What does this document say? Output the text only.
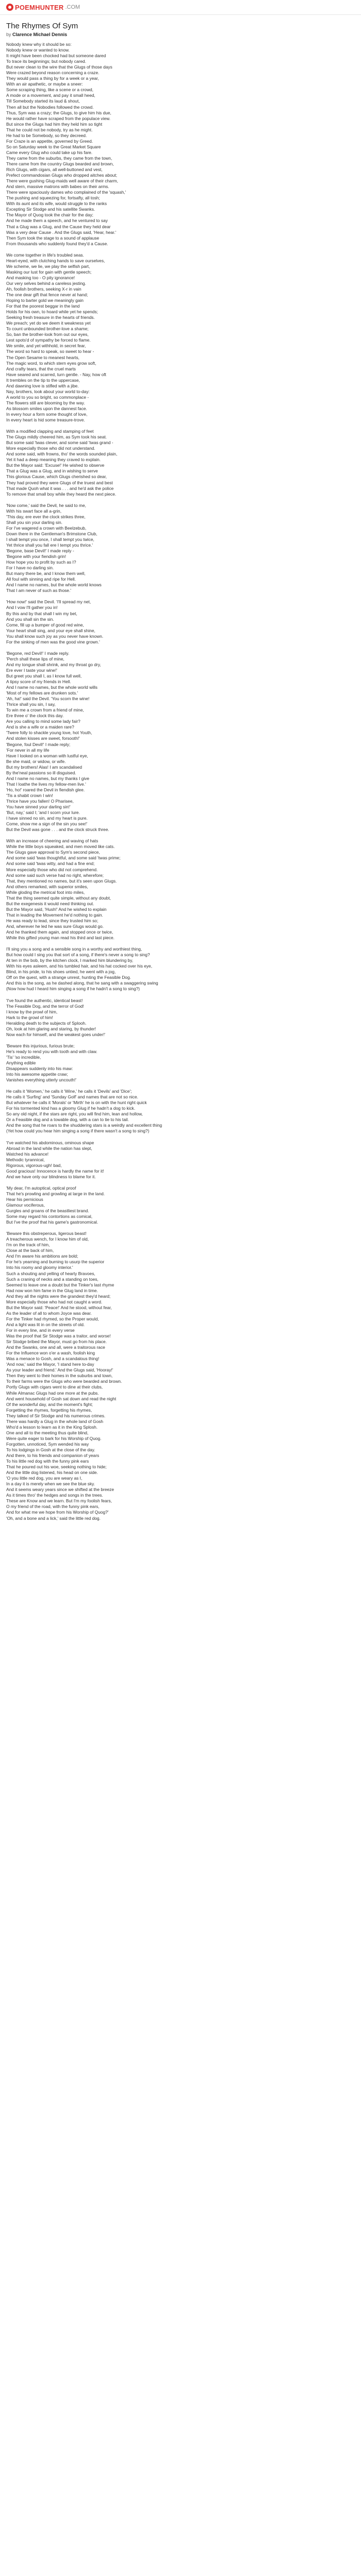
POEMHUNTER .COM
The Rhymes Of Sym
by Clarence Michael Dennis
Nobody knew why it should be so:
Nobody knew or wanted to know.
It might have been chocked had but someone dared
To trace its beginnings; but nobody cared.
But never clean to the wire that the Glugs of those days
Were crazed beyond reason concerning a craze.
They would pass a thing by for a week or a year,
With an air apathetic, or maybe a sneer:
Some scraping thing, like a scene or a crowd,
A mode or a movement, and pay it small heed,
Till Somebody started its laud & shout,
Then all but the Nobodies followed the crowd.
Thus, Sym was a crazy; the Glugs, to give him his due,
He would rather have scraped from the populace view.
But since the Glugs had him they held him so tight
That he could not be nobody, try as he might.
He had to be Somebody, so they decreed.
For Craze is an appetite, governed by Greed.
So on Saturday week to the Great Market Square
Came every Glug who could take up his fare.
They came from the suburbs, they came from the town,
There came from the country Glugs bearded and brown,
Rich Glugs, with cigars, all well-buttoned and vest,
Prefect commandosian Glugs who dropped aitches about;
There were gushing Glug-maids well aware of their charm,
And stern, massive matrons with babes on their arms.
There were spaciously dames who complained of the 'squash,'
The pushing and squeezing for, fortsafty, all tosh;
With its aunt and its wife, would struggle to the ranks
Excepting Sir Stodge and his satellite Swanks.
The Mayor of Quog took the chair for the day;
And he made them a speech, and he ventured to say
That a Glug was a Glug, and the Cause they held dear
Was a very dear Cause . And the Glugs said, 'Hear, hear.'
Then Sym took the stage to a sound of applause
From thousands who suddenly found they'd a Cause.
We come together in life's troubled seas.
Heart-eyed, with clutching hands to save ourselves,
We scheme, we lie, we play the selfish part,
Masking our lust for gain with gentle speech;
And masking too - O pity ignorance!
Our very selves behind a careless jesting.
Ah, foolish brothers, seeking X-r in vain
The one dear gift that fence never at hand;
Hoping to barter gold we meaningly gain
For that the poorest beggar in the land
Holds for his own, to hoard while yet he spends;
Seeking fresh treasure in the hearts of friends.
We preach; yet do we deem it weakness yet
To count unbounded brother-love a shame;
So, ban the brother-look from out our eyes,
Lest spots'd of sympathy be forced to flame.
We smile, and yet withhold, in secret fear,
The word so hard to speak, so sweet to hear -
The Open Sesame to meanest hearts,
The magic word, to which stern eyes grow soft,
And crafty tears, that the cruel marts
Have seared and scarred, turn gentle. - Nay, how oft
It trembles on the tip to the uppercase,
And dawning love is stifled with a jibe.
Nay, brothers, look about your world to-day:
A world to you so bright, so commonplace -
The flowers still are blooming by the way.
As blossom smiles upon the dannest face.
In every hour a form some thought of love,
In every heart is hid some treasure-trove.
With a modified clapping and stamping of feet
The Glugs mildly cheered him, as Sym took his seat.
But some said 'twas clever, and some said 'twas grand -
More especially those who did not understand.
And some said, with frowns, tho' the words sounded plain,
Yet it had a deep meaning they craved to explain.
But the Mayor said: 'Excuse!' He wished to observe
That a Glug was a Glug, and in wishing to serve
This glorious Cause, which Glugs cherished so dear,
They had proved they were Glugs of the truest and best
That made Quoh what it was . . . and he'd ask the police
To remove that small boy while they heard the next piece.
'Now come,' said the Devil, he said to me,
With his swart face all a-grin,
'This day, ere ever the clock strikes three,
Shall you sin your darling sin.
For I've wagered a crown with Beelzebub,
Down there in the Gentleman's Brimstone Club,
I shall tempt you once, I shall tempt you twice,
Yet thrice shall you fall ere I tempt you thrice.'
'Begone, base Devil!' I made reply -
'Begone with your fiendish grin!
How hope you to profit by such as I?
For I have no darling sin.
But many there be, and I know them well,
All foul with sinning and ripe for Hell.
And I name no names, but the whole world knows
That I am never of such as those.'
'How now!' said the Devil. 'I'll spread my net,
And I vow I'll gather you in!
By this and by that shall I win my bet,
And you shall sin the sin.
Come, fill up a bumper of good red wine,
Your heart shall sing, and your eye shall shine,
You shall know such joy as you never have known.
For the sinking of men was the good vine grown.'
'Begone, red Devil!' I made reply.
'Perch shall these lips of mine,
And my tongue shall shrink, and my throat go dry,
Ere ever I taste your wine!'
But greet you shall I, as I know full well,
A tipsy score of my friends in Hell.
And I name no names, but the whole world wills
'Most of my fellows are drunken sots.'
'Ah, ha!' said the Devil. 'You scorn the wine!
Thrice shall you sin, I say,
To win me a crown from a friend of mine,
Ere three o' the clock this day.
Are you calling to mind some lady fair?
And is she a wife or a maiden rare?
'Twere folly to shackle young love, hot Youth,
And stolen kisses are sweet, forsooth!'
'Begone, foul Devil!' I made reply;
'For never in all my life
Have I looked on a woman with lustful eye,
Be she maid, or widow, or wife.
But my brothers! Alas! I am scandalised
By the'neal passions so ill disguised.
And I name no names, but my thanks I give
That I loathe the lives my fellow-men live.'
'Ho, ho!' roared the Devil in fiendish glee.
'Tis a shabit crown I win!
Thrice have you fallen! O Pharisee,
You have sinned your darling sin!'
'But, nay,' said I; 'and I scorn your lure.
I have sinned no sin, and my heart is pure.
Come, show me a sign of the sin you see!'
But the Devil was gone . . . and the clock struck three.
With an increase of cheering and waving of hats
While the little boys squeaked, and men moved like cats.
The Glugs gave approval to Sym's second piece,
And some said 'twas thoughtful, and some said 'twas prime;
And some said 'twas witty, and had a fine end;
More especially those who did not comprehend.
And some said such verse had no right, wherefore;
That, they mentioned no names, but it's seen upon Glugs.
And others remarked, with superior smiles,
While gloding the metrical foot into miles,
That the thing seemed quite simple, without any doubt,
But the exegenesis it would need thinking out.
But the Mayor said, 'Hush!' And he wished to explain
That in leading the Movement he'd nothing to gain.
He was ready to lead, since they trusted him so;
And, wherever he led he was sure Glugs would go.
And he thanked them again, and stopped once or twice,
While this gifted young man read his third and last piece.
I'll sing you a song and a sensible song in a worthy and worthiest thing,
But how could I sing you that sort of a song, if there's never a song to sing?
At ten in the bob, by the kitchen clock, I marked him blundering by,
With his eyes asleem, and his tumbled hair, and his hat cocked over his eye,
Blind, in his pride, to his shoes untied, he went with a jog,
Off on the quest, with a strange unrest, hunting the Feasible Dog.
And this is the song, as he dashed along, that he sang with a swaggering swing
(Now how hud I heard him singing a song if he hadn't a song to sing?)
'I've found the authentic, identical beast!
The Feasible Dog, and the terror of God!
I know by the prowl of him,
Hark to the growl of him!
Heralding death to the subjects of Splooh.
Oh, look at him glaring and staring, by thunder!
Now each for himself, and the weakest goes under!'
'Beware this injurious, furious brute;
He's ready to rend you with tooth and with claw.
'Tis' 'so incredible,
Anything edible
Disappears suddenly into his maw:
Into his awesome appetite craw;
Vanishes everything utterly uncouth!'
He calls it 'Women,' he calls it 'Wine,' he calls it 'Devils' and 'Dice';
He calls it 'Surfing' and 'Sunday Golf' and names that are not so nice.
But whatever he calls it 'Morals' or 'Mirth' he is on with the hunt right quick
For his tormented kind has a gloomy Glug if he hadn't a dog to kick.
So any old night, if the stars are right, you will find him, lean and hollow,
Or a Feasible dog and a towable dog, with a can to tie to his tail.
And the song that he roars to the shuddering stars is a weirdly and excellent thing
(Yet how could you hear him singing a song if there wasn't a song to sing?)
'I've watched his abdominous, ominous shape
Abroad in the land while the nation has slept,
Watched his advance!
Methodic tyrannical,
Rigorous, vigorous-ugh! bad,
Good gracious! Innocence is hardly the name for it!
And we have only our blindness to blame for it.
'My dear, I'm autoptical, optical proof
That he's prowling and growling at large in the land.
Hear his pernicious
Glamour vociferous,
Gurgles and groans of the beastliest brand.
Some may regard his contortions as comical,
But I've the proof that his game's gastronomical.
'Beware this obstreperous, ligerous beast!
A treacherous wench, for I know him of old,
I'm on the track of him,
Close at the back of him,
And I'm aware his ambitions are bold;
For he's yearning and burning to usurp the superior
Into his roomy and gloomy interior.'
Such a shouting and yelling of hearty Bravoes,
Such a craning of necks and a standing on toes,
Seemed to leave one a doubt but the Tinker's last rhyme
Had now won him fame in the Glug land in time.
And they all the nights were the grandest they'd heard;
More especially those who had not caught a word.
But the Mayor said: 'Peace!' And he stood, without fear,
As the leader of all to whom Joyce was dear.
For the Tinker had rhymed, so the Proper would,
And a light was lit in on the streets of old.
For in every line, and in every verse
Was the proof that Sir Stodge was a traitor, and worse!
Sir Stodge bribed the Mayor, must go from his place.
And the Swanks, one and all, were a traitorous race
For the Influence won o'er a wash, foolish king
Was a menace to Gosh, and a scandalous thing!
'And now,' said the Mayor, 'I stand here to-day
As your leader and friend.' And the Glugs said, 'Hooray!'
Then they went to their homes in the suburbs and town,
To their farms were the Glugs who were bearded and brown.
Portly Glugs with cigars went to dine at their clubs,
While Almanac Glugs had one more at the pubs.
And went household of Gosh sat down and read the night
Of the wonderful day, and the moment's fight;
Forgetting the rhymes, forgetting his rhymes,
They talked of Sir Stodge and his numerous crimes.
There was hardly a Glug in the whole land of Gosh
Who'd a lesson to learn as it in the King Splosh.
One and all to the meeting thus quite blind,
Were quite eager to bark for his Worship of Quog.
Forgotten, unnoticed, Sym wended his way
To his lodgings in Gosh at the close of the day.
And there, to his friends and companion of years
To his little red dog with the funny pink ears
That he poured out his woe, seeking nothing to hide;
And the little dog listened, his head on one side.
'O you little red dog, you are weary as I,
In a day it is merely when we see the blue sky.
And it seems weary years since we shifted at the breeze
As it times thro' the hedges and songs in the trees.
These are Know and we learn. But I'm my foolish fears,
O my friend of the road, with the funny pink ears,
And for what me we hope from his Worship of Quog?'
'Oh, and a bone and a lick,' said the little red dog.
